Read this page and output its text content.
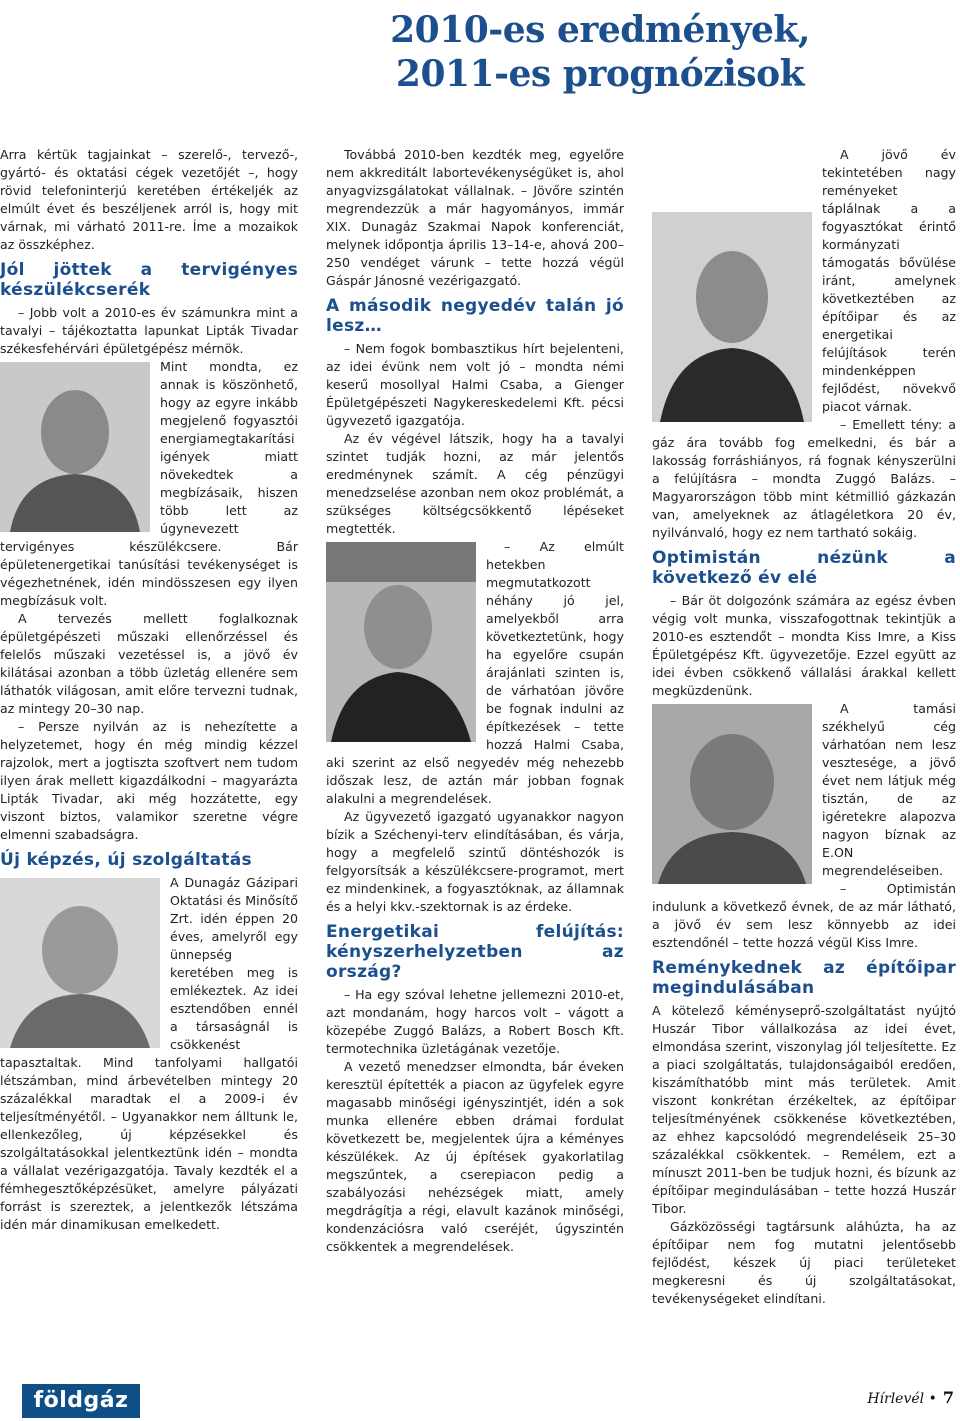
2010-es eredmények,
2011-es prognózisok

Arra kértük tagjainkat – szerelő-, tervező-, gyártó- és oktatási cégek vezetőjét –, hogy rövid telefoninterjú keretében értékeljék az elmúlt évet és beszéljenek arról is, hogy mit várnak, mi várható 2011-re. Íme a mozaikok az összképhez.

Jól jöttek a tervigényes készülékcserék

– Jobb volt a 2010-es év számunkra mint a tavalyi – tájékoztatta lapunkat Lipták Tivadar székesfehérvári épületgépész mérnök.

Mint mondta, ez annak is köszönhető, hogy az egyre inkább megjelenő fogyasztói energiamegtakarítási igények miatt növekedtek a megbízásaik, hiszen több lett az úgynevezett tervigényes készülékcsere. Bár épületenergetikai tanúsítási tevékenységet is végezhetnének, idén mindösszesen egy ilyen megbízásuk volt.

A tervezés mellett foglalkoznak épületgépészeti műszaki ellenőrzéssel és felelős műszaki vezetéssel is, a jövő év kilátásai azonban a több üzletág ellenére sem láthatók világosan, amit előre tervezni tudnak, az mintegy 20–30 nap.

– Persze nyilván az is nehezítette a helyzetemet, hogy én még mindig kézzel rajzolok, mert a jogtiszta szoftvert nem tudom ilyen árak mellett kigazdálkodni – magyarázta Lipták Tivadar, aki még hozzátette, egy viszont biztos, valamikor szeretne végre elmenni szabadságra.

Új képzés, új szolgáltatás

A Dunagáz Gázipari Oktatási és Minősítő Zrt. idén éppen 20 éves, amelyről egy ünnepség keretében meg is emlékeztek. Az idei esztendőben ennél a társaságnál is csökkenést tapasztaltak. Mind tanfolyami hallgatói létszámban, mind árbevételben mintegy 20 százalékkal maradtak el a 2009-i év teljesítményétől. – Ugyanakkor nem álltunk le, ellenkezőleg, új képzésekkel és szolgáltatásokkal jelentkeztünk idén – mondta a vállalat vezérigazgatója. Tavaly kezdték el a fémhegesztőképzésüket, amelyre pályázati forrást is szereztek, a jelentkezők létszáma idén már dinamikusan emelkedett.

Továbbá 2010-ben kezdték meg, egyelőre nem akkreditált labortevékenységüket is, ahol anyagvizsgálatokat vállalnak. – Jövőre szintén megrendezzük a már hagyományos, immár XIX. Dunagáz Szakmai Napok konferenciát, melynek időpontja április 13–14-e, ahová 200–250 vendéget várunk – tette hozzá végül Gáspár Jánosné vezérigazgató.

A második negyedév talán jó lesz…

– Nem fogok bombasztikus hírt bejelenteni, az idei évünk nem volt jó – mondta némi keserű mosollyal Halmi Csaba, a Gienger Épületgépészeti Nagykereskedelemi Kft. pécsi ügyvezető igazgatója.

Az év végével látszik, hogy ha a tavalyi szintet tudják hozni, az már jelentős eredménynek számít. A cég pénzügyi menedzselése azonban nem okoz problémát, a szükséges költségcsökkentő lépéseket megtették.

– Az elmúlt hetekben megmutatkozott néhány jó jel, amelyekből arra következtetünk, hogy ha egyelőre csupán árajánlati szinten is, de várhatóan jövőre be fognak indulni az építkezések – tette hozzá Halmi Csaba, aki szerint az első negyedév még nehezebb időszak lesz, de aztán már jobban fognak alakulni a megrendelések.

Az ügyvezető igazgató ugyanakkor nagyon bízik a Széchenyi-terv elindításában, és várja, hogy a megfelelő szintű döntéshozók is felgyorsítsák a készülékcsere-programot, mert ez mindenkinek, a fogyasztóknak, az államnak és a helyi kkv.-szektornak is az érdeke.

Energetikai felújítás: kényszerhelyzetben az ország?

– Ha egy szóval lehetne jellemezni 2010-et, azt mondanám, hogy harcos volt – vágott a közepébe Zuggó Balázs, a Robert Bosch Kft. termotechnika üzletágának vezetője.

A vezető menedzser elmondta, bár éveken keresztül építették a piacon az ügyfelek egyre magasabb minőségi igényszintjét, idén a sok munka ellenére ebben drámai fordulat következett be, megjelentek újra a kéményes készülékek. Az új építések gyakorlatilag megszűntek, a cserepiacon pedig a szabályozási nehézségek miatt, amely megdrágítja a régi, elavult kazánok minőségi, kondenzációsra való cseréjét, úgyszintén csökkentek a megrendelések.

A jövő év tekintetében nagy reményeket táplálnak a a fogyasztókat érintő kormányzati támogatás bővülése iránt, amelynek következtében az építőipar és az energetikai felújítások terén mindenképpen fejlődést, növekvő piacot várnak.

– Emellett tény: a gáz ára tovább fog emelkedni, és bár a lakosság forráshiányos, rá fognak kényszerülni a felújításra – mondta Zuggó Balázs. – Magyarországon több mint kétmillió gázkazán van, amelyeknek az átlagéletkora 20 év, nyilvánvaló, hogy ez nem tartható sokáig.

Optimistán nézünk a következő év elé

– Bár öt dolgozónk számára az egész évben végig volt munka, visszafogottnak tekintjük a 2010-es esztendőt – mondta Kiss Imre, a Kiss Épületgépész Kft. ügyvezetője. Ezzel együtt az idei évben csökkenő vállalási árakkal kellett megküzdenünk.

A tamási székhelyű cég várhatóan nem lesz vesztesége, a jövő évet nem látjuk még tisztán, de az igéretekre alapozva nagyon bíznak az E.ON megrendeléseiben.

– Optimistán indulunk a következő évnek, de az már látható, a jövő év sem lesz könnyebb az idei esztendőnél – tette hozzá végül Kiss Imre.

Reménykednek az építőipar megindulásában

A kötelező kéményseprő-szolgáltatást nyújtó Huszár Tibor vállalkozása az idei évet, elmondása szerint, viszonylag jól teljesítette. Ez a piaci szolgáltatás, tulajdonságaiból eredően, kiszámíthatóbb mint más területek. Amit viszont konkrétan érzékeltek, az építőipar teljesítményének csökkenése következtében, az ehhez kapcsolódó megrendeléseik 25–30 százalékkal csökkentek. – Remélem, ezt a mínuszt 2011-ben be tudjuk hozni, és bízunk az építőipar megindulásában – tette hozzá Huszár Tibor.

Gázközösségi tagtársunk aláhúzta, ha az építőipar nem fog mutatni jelentősebb fejlődést, készek új piaci területeket megkeresni és új szolgáltatásokat, tevékenységeket elindítani.

földgáz	Hírlevél • 7
